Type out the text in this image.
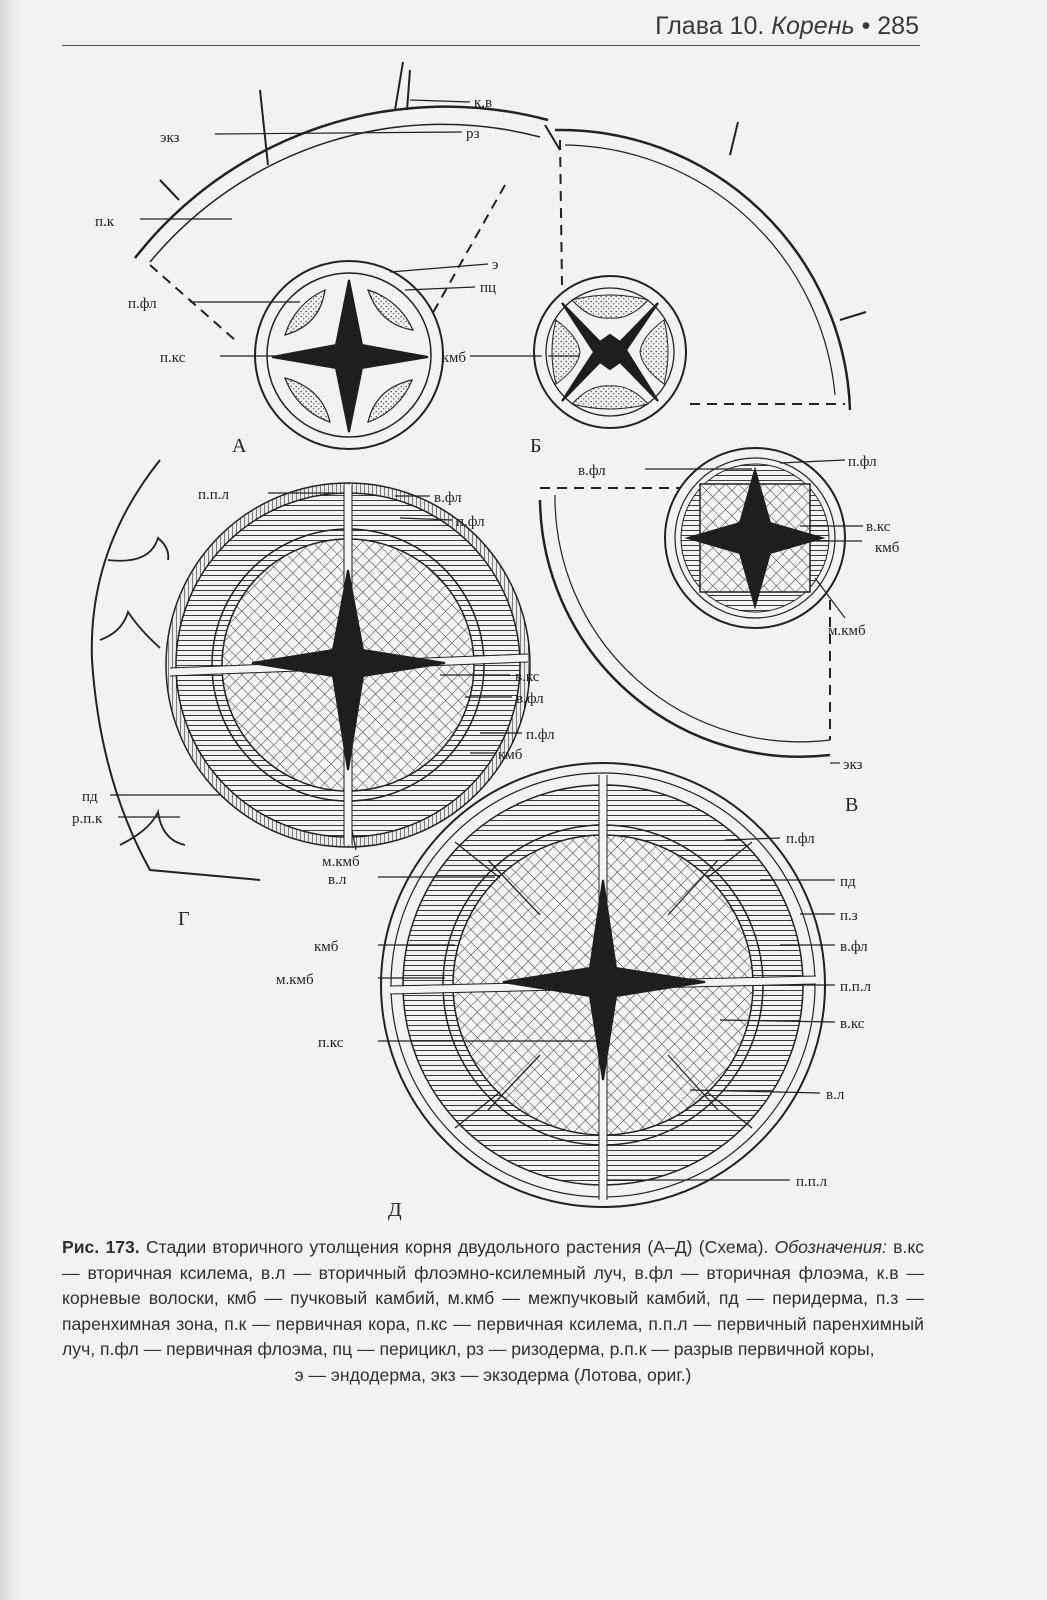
Глава 10. Корень • 285
А
к.в
экз	рз
п.к
э
пц
п.фл
п.кс	кмб
Б
в.фл
п.фл
в.кс
кмб
м.кмб
экз
В
п.п.л	в.фл
п.фл
в.кс
в.фл
п.фл
кмб
пд
р.п.к
м.кмб
Г
в.л
кмб
м.кмб
п.кс
п.фл
пд
п.з
в.фл
п.п.л
в.кс
в.л
п.п.л
Д
Рис. 173. Стадии вторичного утолщения корня двудольного растения (А–Д) (Схема). Обозначения: в.кс — вторичная ксилема, в.л — вторичный флоэмно-ксилемный луч, в.фл — вторичная флоэма, к.в — корневые волоски, кмб — пучковый камбий, м.кмб — межпучковый камбий, пд — перидерма, п.з — паренхимная зона, п.к — первичная кора, п.кс — первичная ксилема, п.п.л — первичный паренхимный луч, п.фл — первичная флоэма, пц — перицикл, рз — ризодерма, р.п.к — разрыв первичной коры,
э — эндодерма, экз — экзодерма (Лотова, ориг.)
